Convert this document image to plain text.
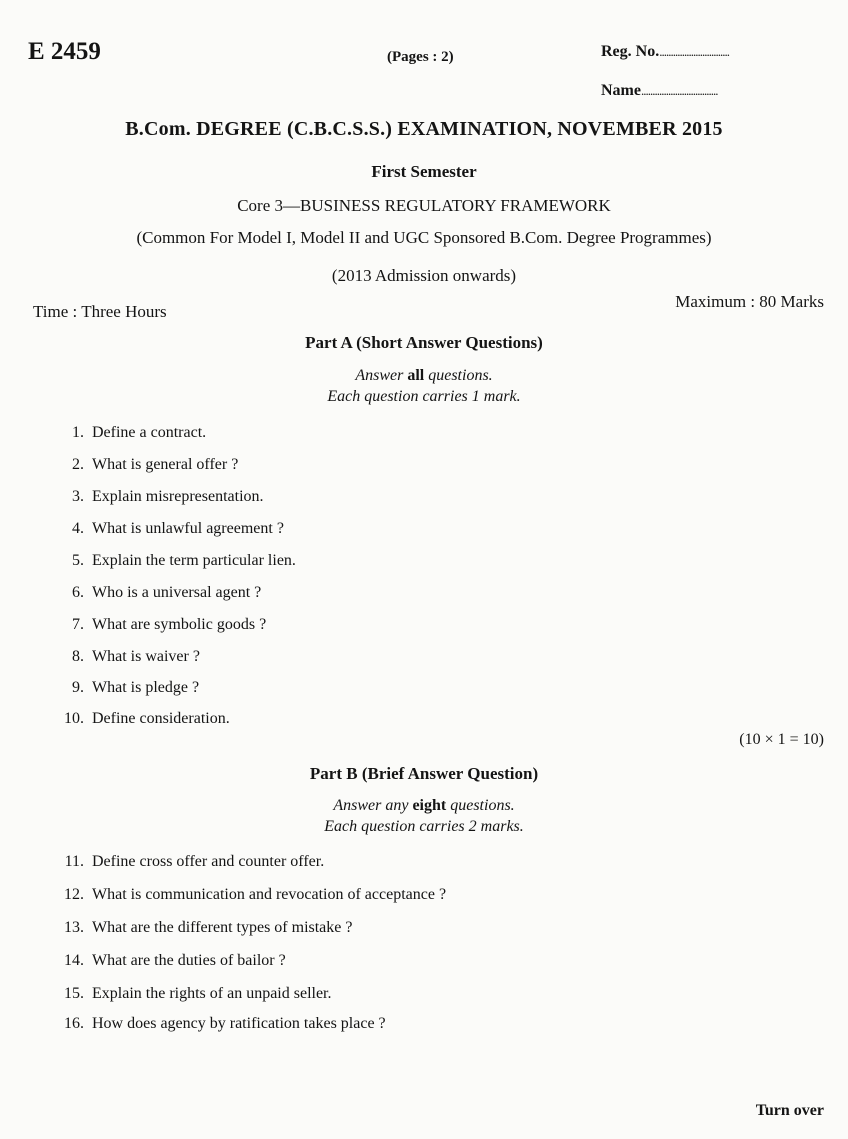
E 2459	(Pages : 2)	Reg. No................................
Name..................................
B.Com. DEGREE (C.B.C.S.S.) EXAMINATION, NOVEMBER 2015
First Semester
Core 3—BUSINESS REGULATORY FRAMEWORK
(Common For Model I, Model II and UGC Sponsored B.Com. Degree Programmes)
(2013 Admission onwards)
Time : Three Hours
Maximum : 80 Marks
Part A (Short Answer Questions)
Answer all questions.
Each question carries 1 mark.
1. Define a contract.
2. What is general offer ?
3. Explain misrepresentation.
4. What is unlawful agreement ?
5. Explain the term particular lien.
6. Who is a universal agent ?
7. What are symbolic goods ?
8. What is waiver ?
9. What is pledge ?
10. Define consideration.
(10 × 1 = 10)
Part B (Brief Answer Question)
Answer any eight questions.
Each question carries 2 marks.
11. Define cross offer and counter offer.
12. What is communication and revocation of acceptance ?
13. What are the different types of mistake ?
14. What are the duties of bailor ?
15. Explain the rights of an unpaid seller.
16. How does agency by ratification takes place ?
Turn over
